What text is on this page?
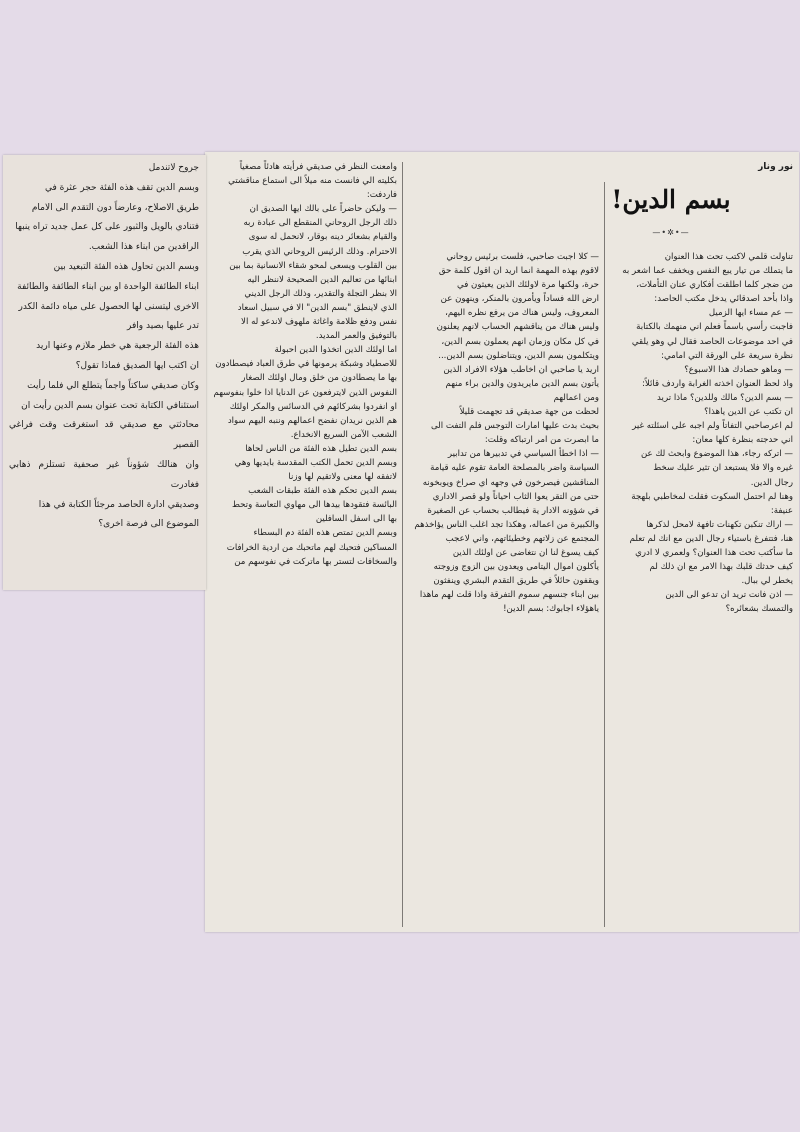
نور ونار
بسم الدين!
—•✲•—

تناولت قلمي لاكتب تحت هذا العنوان

ما يتملك من تيار يبع النفس ويخفف عما اشعر به

من ضجر كلما اطلقت أفكاري عنان التأملات،

واذا بأحد اصدقائي يدخل مكتب الحاصد:

— عم مساء ايها الزميل

فاجبت رأسي باسماً فعلم اني منهمك بالكتابة

في احد موضوعات الحاصد فقال لي وهو يلقي

نظرة سريعة على الورقة التي امامي:

— وماهو حصادك هذا الاسبوع؟

واذ لحظ العنوان اخذته الغرابة واردف قائلاً:

— بسم الدين؟ مالك وللدين؟ ماذا تريد

ان تكتب عن الدين ياهذا؟

لم اعرصاحبي التفاتاً ولم اجبه على اسئلته غير

اني حدجته بنظرة كلها معان:

— اتركه رجاء، هذا الموضوع وابحث لك عن

غيره والا فلا يستبعد ان تثير عليك سخط

رجال الدين.

وهنا لم احتمل السكوت فقلت لمخاطبي بلهجة

عنيفة:

— اراك تنكبن تكهنات تافهة لامحل لذكرها

هنا، فتتفرغ باستياء رجال الدين مع انك لم تعلم

ما سأكتب تحت هذا العنوان؟ ولعمري لا ادري

كيف حدثك قلبك بهذا الامر مع ان ذلك لم

يخطر لي ببال.

— اذن فانت تريد ان تدعو الى الدين

والتمسك بشعائره؟

— كلا اجبت صاحبي، فلست برئيس روحاني

لاقوم بهذه المهمة انما اريد ان اقول كلمة حق

حرة، ولكنها مرة لاولئك الذين يعيثون في

ارض الله فساداً ويأمرون بالمنكر، وينهون عن

المعروف، وليس هناك من يرفع نظره اليهم،

وليس هناك من يناقشهم الحساب لانهم يعلنون

في كل مكان وزمان انهم يعملون بسم الدين،

ويتكلمون بسم الدين، ويتناضلون بسم الدين...

اريد يا صاحبي ان اخاطب هؤلاء الافراد الذين

يأتون بسم الدين مايريدون والدين براء منهم

ومن اعمالهم

لحظت من جهة صديقي قد تجهمت قليلاً

بحيث بدت عليها امارات التوجس فلم التفت الى

ما ابصرت من امر ارتباكه وقلت:

— اذا اخطأ السياسي في تدبيرها من تدابير

السياسة واضر بالمصلحة العامة تقوم عليه قيامة

المناقشين فيصرخون في وجهه اي صراخ ويوبخونه

حتى من التقر يعوا الثاب احياناً ولو قصر الاداري

في شؤونه الادار ية فيطالب بحساب عن الصغيرة

والكبيرة من اعماله، وهكذا تجد اغلب الناس يؤاخذهم

المجتمع عن زلاتهم وخطيئاتهم، واني لاعجب

كيف يسوغ لنا ان نتغاضى عن اولئك الذين

يأكلون اموال اليتامى ويعدون بين الزوج وزوجته

ويقفون حائلاً في طريق التقدم البشري وينفثون

بين ابناء جنسهم سموم التفرقة واذا قلت لهم ماهذا

ياهؤلاء اجابوك: بسم الدين!

وامعنت النظر في صديقي فرأيته هادئاً مصغياً

بكليته الي فانست منه ميلاً الى استماع مناقشتي

فاردفت:

— وليكن حاضراً على بالك ايها الصديق ان

ذلك الرجل الروحاني المنقطع الى عبادة ربه

والقيام بشعائر دينه بوقار، لانحمل له سوى

الاحترام. وذلك الرئيس الروحاني الذي يقرب

بين القلوب ويسعى لمحو شقاء الانسانية بما بين

ابنائها من تعاليم الدين الصحيحة لاننظر اليه

الا بنظر التجلة والتقدير، وذلك الرجل الديني

الذي لاينطق "بسم الدين" الا في سبيل اسعاد

نفس ودفع ظلامة واغاثة ملهوف لاندعو له الا

بالتوفيق والعمر المديد.

اما اولئك الذين اتخذوا الدين احبولة

للاصطياد وشبكة يرمونها في طرق العباد فيصطادون

بها ما يصطادون من خلق ومال اولئك الصغار

النفوس الذين لايترفعون عن الدنايا اذا خلوا بنفوسهم

او انفردوا بشركائهم في الدسائس والمكر اولئك

هم الذين نريدان نفضح اعمالهم وننبه اليهم سواد

الشعب الآمن السريع الانخداع.

بسم الدين تطيل هذه الفئة من الناس لحاها

وبسم الدين تحمل الكتب المقدسة بايديها وهي

لاتفقه لها معنى ولاتقيم لها وزنا

بسم الدين تحكم هذه الفئة طبقات الشعب

البائسة فتقودها بيدها الى مهاوي التعاسة وتحط

بها الى اسفل السافلين

وبسم الدين تمتص هذه الفئة دم البسطاء

المساكين فتحبك لهم ماتحبك من اردية الخرافات

والسخافات لتستر بها ماتركت في نفوسهم من

جروح لاتندمل

وبسم الدين تقف هذه الفئة حجر عثرة في

طريق الاصلاح، وعارضاً دون التقدم الى الامام

فتنادي بالويل والثبور على كل عمل جديد تراه ينبها

الراقدين من ابناء هذا الشعب.

وبسم الدين تحاول هذه الفئة التبعيد بين

ابناء الطائفة الواحدة او بين ابناء الطائفة والطائفة

الاخرى ليتسنى لها الحصول على مياه دائمة الكدر

تدر عليها بصيد وافر

هذه الفئة الرجعية هي خطر ملازم وعنها اريد

ان اكتب ايها الصديق فماذا تقول؟

وكان صديقي ساكتاً واجماً يتطلع الي فلما رأيت

استئنافي الكتابة تحت عنوان بسم الدين رأيت ان

محادثتي مع صديقي قد استغرقت وقت فراغي القصير

وان هنالك شؤوناً غير صحفية تستلزم ذهابي فغادرت

وصديقي ادارة الحاصد مرجئاً الكتابة في هذا

الموضوع الى فرصة اخرى؟
